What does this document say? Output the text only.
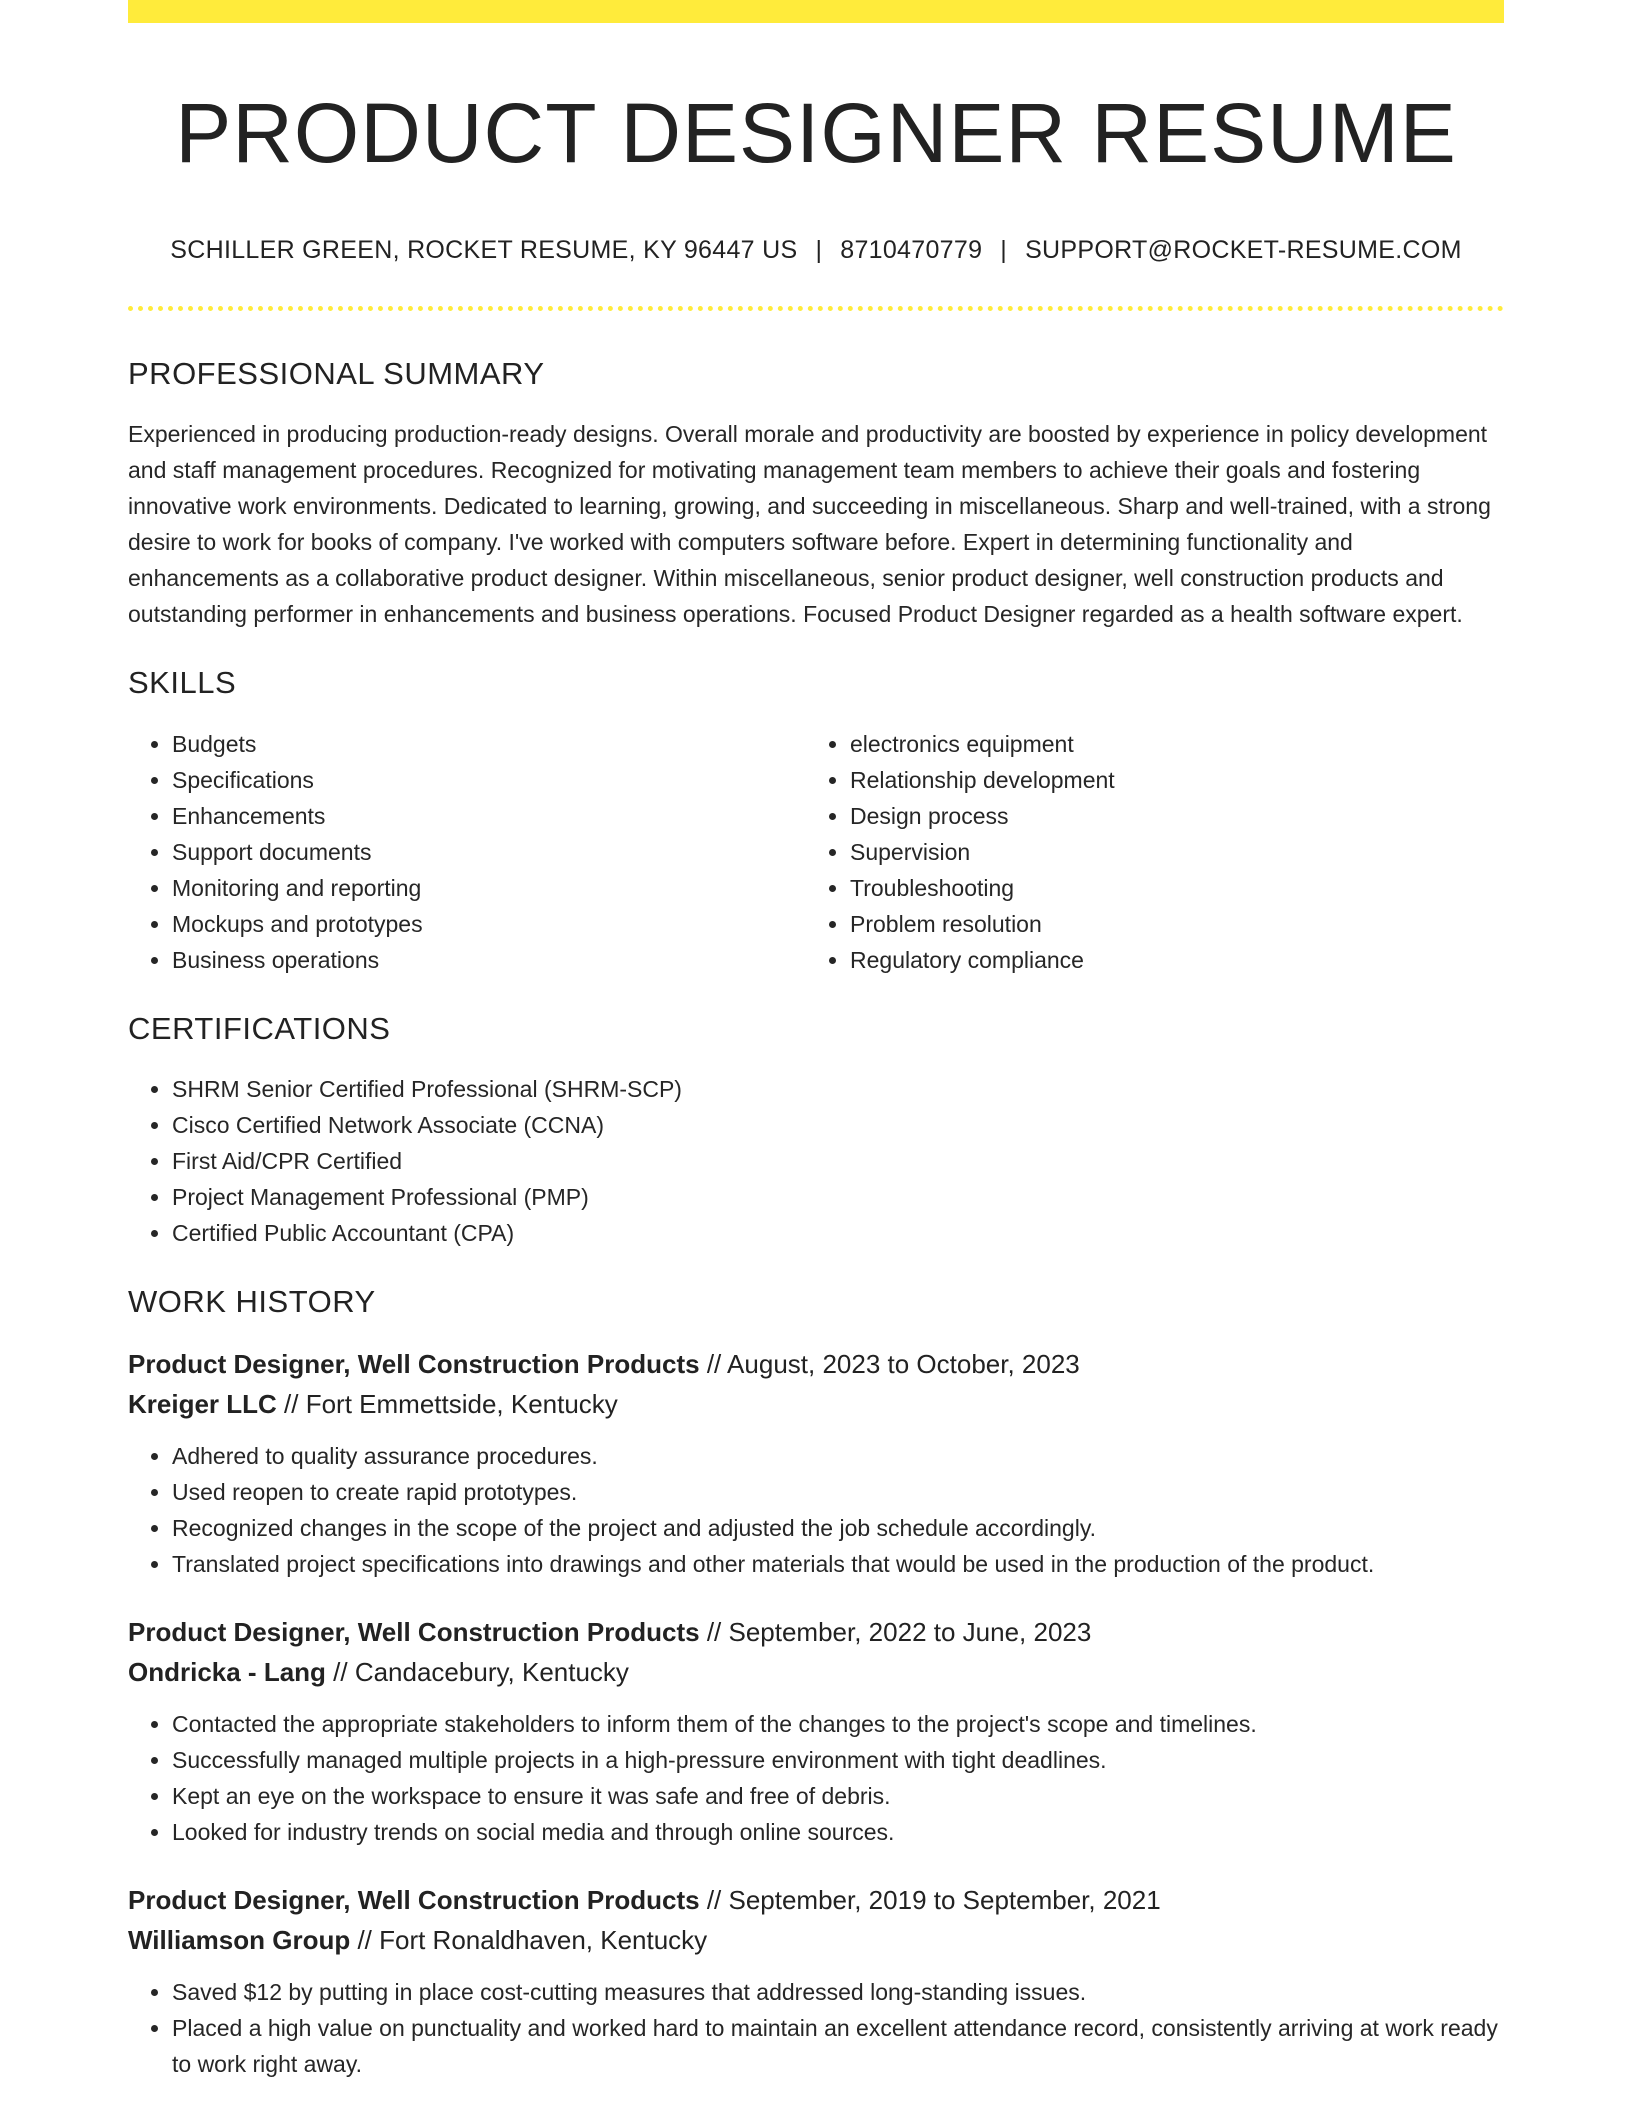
PRODUCT DESIGNER RESUME
SCHILLER GREEN, ROCKET RESUME, KY 96447 US | 8710470779 | SUPPORT@ROCKET-RESUME.COM
PROFESSIONAL SUMMARY
Experienced in producing production-ready designs. Overall morale and productivity are boosted by experience in policy development and staff management procedures. Recognized for motivating management team members to achieve their goals and fostering innovative work environments. Dedicated to learning, growing, and succeeding in miscellaneous. Sharp and well-trained, with a strong desire to work for books of company. I've worked with computers software before. Expert in determining functionality and enhancements as a collaborative product designer. Within miscellaneous, senior product designer, well construction products and outstanding performer in enhancements and business operations. Focused Product Designer regarded as a health software expert.
SKILLS
• Budgets
• Specifications
• Enhancements
• Support documents
• Monitoring and reporting
• Mockups and prototypes
• Business operations
• electronics equipment
• Relationship development
• Design process
• Supervision
• Troubleshooting
• Problem resolution
• Regulatory compliance
CERTIFICATIONS
• SHRM Senior Certified Professional (SHRM-SCP)
• Cisco Certified Network Associate (CCNA)
• First Aid/CPR Certified
• Project Management Professional (PMP)
• Certified Public Accountant (CPA)
WORK HISTORY
Product Designer, Well Construction Products // August, 2023 to October, 2023
Kreiger LLC // Fort Emmettside, Kentucky
• Adhered to quality assurance procedures.
• Used reopen to create rapid prototypes.
• Recognized changes in the scope of the project and adjusted the job schedule accordingly.
• Translated project specifications into drawings and other materials that would be used in the production of the product.
Product Designer, Well Construction Products // September, 2022 to June, 2023
Ondricka - Lang // Candacebury, Kentucky
• Contacted the appropriate stakeholders to inform them of the changes to the project's scope and timelines.
• Successfully managed multiple projects in a high-pressure environment with tight deadlines.
• Kept an eye on the workspace to ensure it was safe and free of debris.
• Looked for industry trends on social media and through online sources.
Product Designer, Well Construction Products // September, 2019 to September, 2021
Williamson Group // Fort Ronaldhaven, Kentucky
• Saved $12 by putting in place cost-cutting measures that addressed long-standing issues.
• Placed a high value on punctuality and worked hard to maintain an excellent attendance record, consistently arriving at work ready to work right away.
